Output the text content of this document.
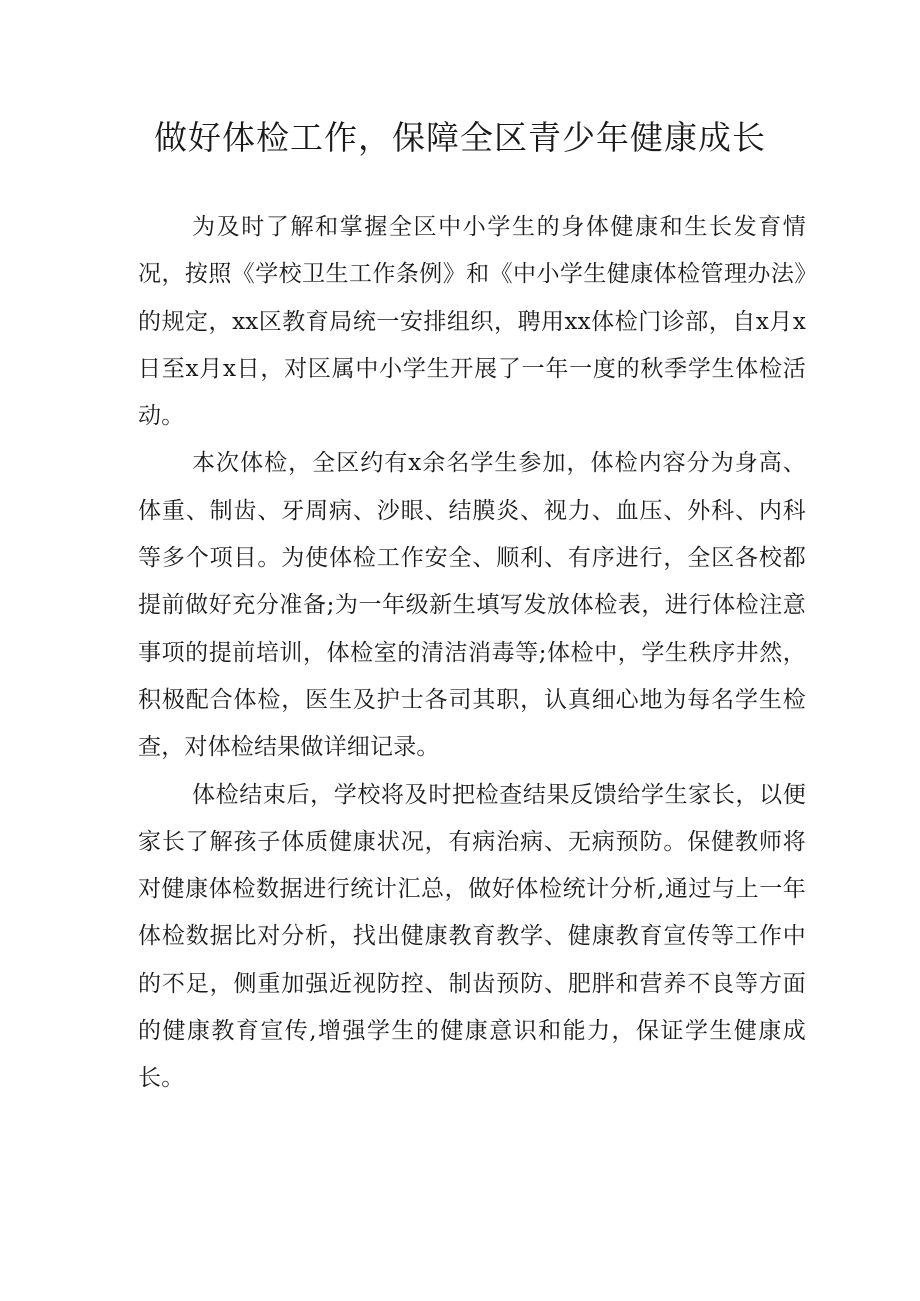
做好体检工作，保障全区青少年健康成长

为及时了解和掌握全区中小学生的身体健康和生长发育情况，按照《学校卫生工作条例》和《中小学生健康体检管理办法》的规定，xx区教育局统一安排组织，聘用xx体检门诊部，自x月x日至x月x日，对区属中小学生开展了一年一度的秋季学生体检活动。

本次体检，全区约有x余名学生参加，体检内容分为身高、体重、制齿、牙周病、沙眼、结膜炎、视力、血压、外科、内科等多个项目。为使体检工作安全、顺利、有序进行，全区各校都提前做好充分准备;为一年级新生填写发放体检表，进行体检注意事项的提前培训，体检室的清洁消毒等;体检中，学生秩序井然，积极配合体检，医生及护士各司其职，认真细心地为每名学生检查，对体检结果做详细记录。

体检结束后，学校将及时把检查结果反馈给学生家长，以便家长了解孩子体质健康状况，有病治病、无病预防。保健教师将对健康体检数据进行统计汇总，做好体检统计分析,通过与上一年体检数据比对分析，找出健康教育教学、健康教育宣传等工作中的不足，侧重加强近视防控、制齿预防、肥胖和营养不良等方面的健康教育宣传,增强学生的健康意识和能力，保证学生健康成长。
